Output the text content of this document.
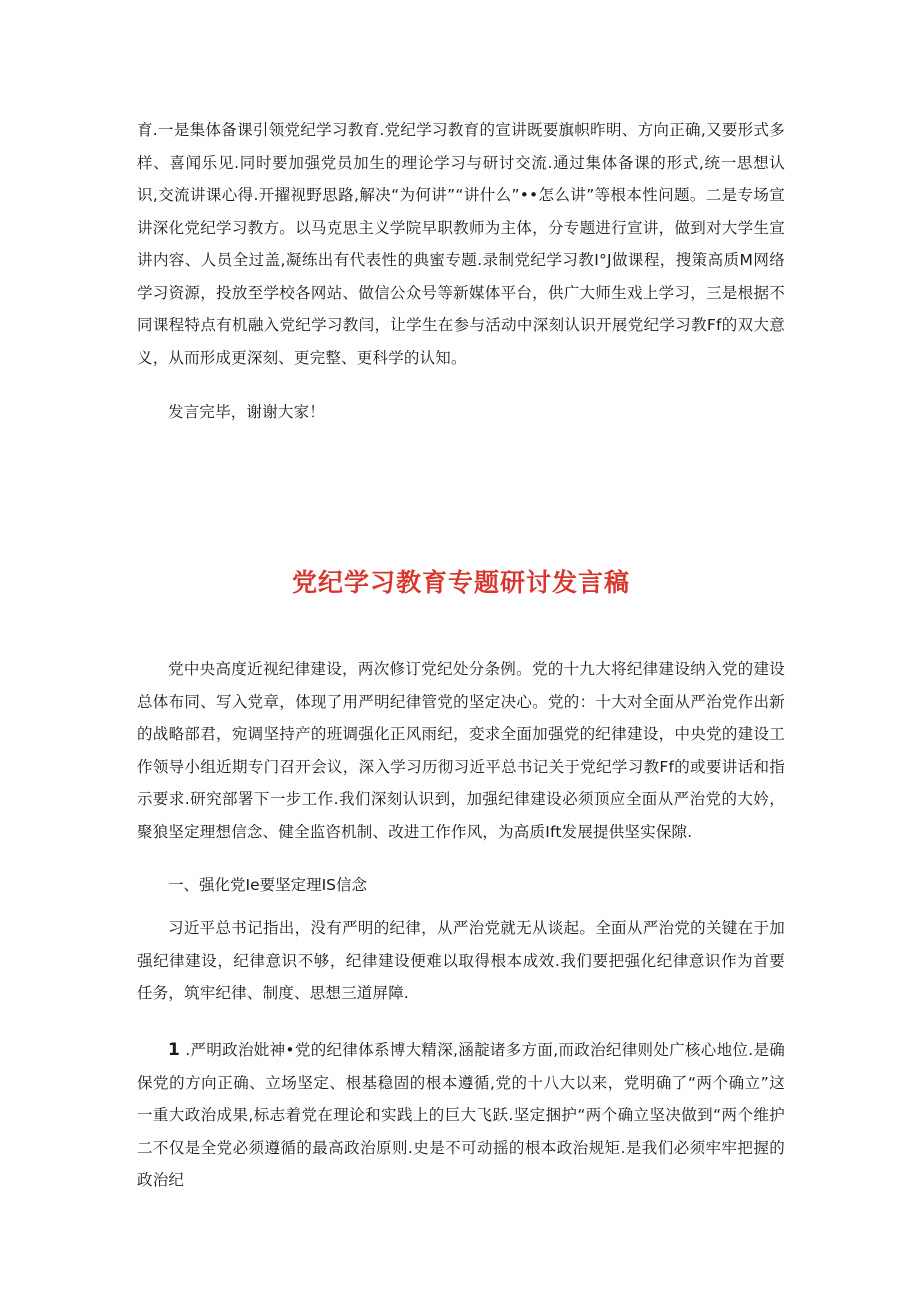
育.一是集体备课引领党纪学习教育.党纪学习教育的宣讲既要旗帜昨明、方向正确,又要形式多样、喜闻乐见.同时要加强党员加生的理论学习与研讨交流.通过集体备课的形式,统一思想认识,交流讲课心得.开擢视野思路,解决“为何讲”“讲什么”••怎么讲”等根本性问题。二是专场宣讲深化党纪学习教方。以马克思主义学院早职教师为主体，分专题进行宣讲，做到对大学生宣讲内容、人员全过盖,凝练出有代表性的典蜜专题.录制党纪学习教I°J做课程，搜策高质M网络学习资源，投放至学校各网站、做信公众号等新媒体平台，供广大师生戏上学习，三是根据不同课程特点有机融入党纪学习教闫，让学生在参与活动中深刻认识开展党纪学习教Ff的双大意义，从而形成更深刻、更完整、更科学的认知。

发言完毕，谢谢大家！

党纪学习教育专题研讨发言稿

党中央高度近视纪律建设，两次修订党纪处分条例。党的十九大将纪律建设纳入党的建设总体布同、写入党章，体现了用严明纪律管党的坚定决心。党的：十大对全面从严治党作出新的战略部君，宛调坚持产的班调强化正风雨纪，変求全面加强党的纪律建设，中央党的建设工作领导小组近期专门召开会议，深入学习历彻习近平总书记关于党纪学习教Ff的或要讲话和指示要求.研究部署下一步工作.我们深刻认识到，加强纪律建设必须顶应全面从严治党的大妗，聚狼坚定理想信念、健全监咨机制、改进工作作风，为高质Ift发展提供坚实保隙.

一、强化党Ie要坚定理IS信念

习近平总书记指出，没有严明的纪律，从严治党就无从谈起。全面从严治党的关键在于加强纪律建设，纪律意识不够，纪律建设便难以取得根本成效.我们要把强化纪律意识作为首要任务，筑牢纪律、制度、思想三道屏障.

1 .严明政治妣神•党的纪律体系博大精深,涵靛诸多方面,而政治纪律则处广核心地位.是确保党的方向正确、立场坚定、根基稳固的根本遵循,党的十八大以来，党明确了“两个确立”这一重大政治成果,标志着党在理论和实践上的巨大飞跃.坚定捆护“两个确立坚决做到“两个维护二不仅是全党必须遵循的最高政治原则.史是不可动摇的根本政治规矩.是我们必须牢牢把握的政治纪
